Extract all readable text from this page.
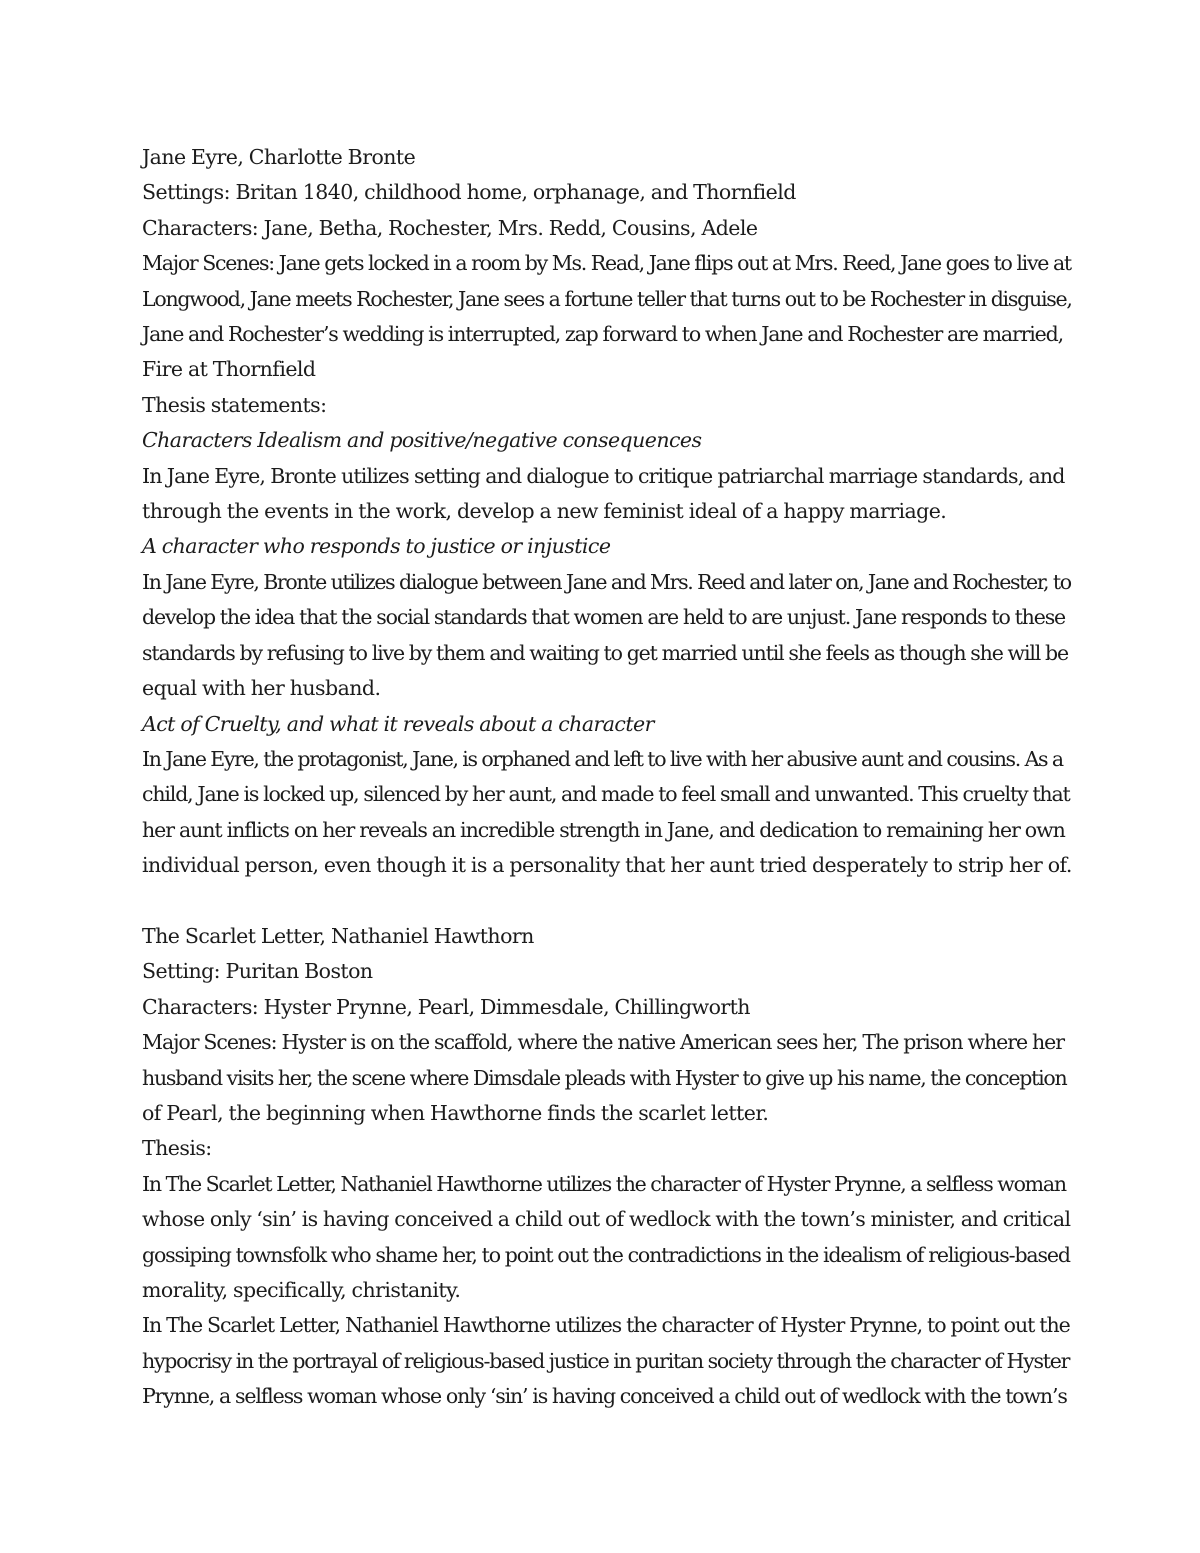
Jane Eyre, Charlotte Bronte
Settings: Britan 1840, childhood home, orphanage, and Thornfield
Characters: Jane, Betha, Rochester, Mrs. Redd, Cousins, Adele
Major Scenes: Jane gets locked in a room by Ms. Read, Jane flips out at Mrs. Reed, Jane goes to live at
Longwood, Jane meets Rochester, Jane sees a fortune teller that turns out to be Rochester in disguise,
Jane and Rochester’s wedding is interrupted, zap forward to when Jane and Rochester are married,
Fire at Thornfield
Thesis statements:
Characters Idealism and positive/negative consequences
In Jane Eyre, Bronte utilizes setting and dialogue to critique patriarchal marriage standards, and
through the events in the work, develop a new feminist ideal of a happy marriage.
A character who responds to justice or injustice
In Jane Eyre, Bronte utilizes dialogue between Jane and Mrs. Reed and later on, Jane and Rochester, to
develop the idea that the social standards that women are held to are unjust. Jane responds to these
standards by refusing to live by them and waiting to get married until she feels as though she will be
equal with her husband.
Act of Cruelty, and what it reveals about a character
In Jane Eyre, the protagonist, Jane, is orphaned and left to live with her abusive aunt and cousins. As a
child, Jane is locked up, silenced by her aunt, and made to feel small and unwanted. This cruelty that
her aunt inflicts on her reveals an incredible strength in Jane, and dedication to remaining her own
individual person, even though it is a personality that her aunt tried desperately to strip her of.
The Scarlet Letter, Nathaniel Hawthorn
Setting: Puritan Boston
Characters: Hyster Prynne, Pearl, Dimmesdale, Chillingworth
Major Scenes: Hyster is on the scaffold, where the native American sees her, The prison where her
husband visits her, the scene where Dimsdale pleads with Hyster to give up his name, the conception
of Pearl, the beginning when Hawthorne finds the scarlet letter.
Thesis:
In The Scarlet Letter, Nathaniel Hawthorne utilizes the character of Hyster Prynne, a selfless woman
whose only ‘sin’ is having conceived a child out of wedlock with the town’s minister, and critical
gossiping townsfolk who shame her, to point out the contradictions in the idealism of religious-based
morality, specifically, christanity.
In The Scarlet Letter, Nathaniel Hawthorne utilizes the character of Hyster Prynne, to point out the
hypocrisy in the portrayal of religious-based justice in puritan society through the character of Hyster
Prynne, a selfless woman whose only ‘sin’ is having conceived a child out of wedlock with the town’s
